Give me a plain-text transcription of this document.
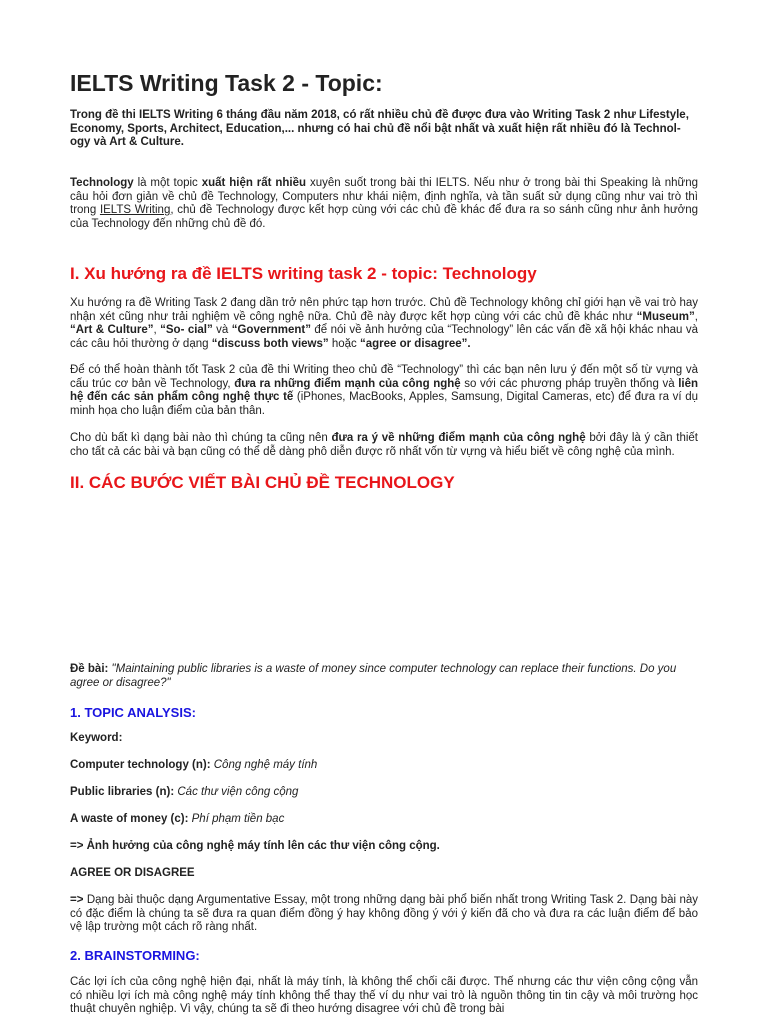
IELTS Writing Task 2 - Topic:

Trong đề thi IELTS Writing 6 tháng đầu năm 2018, có rất nhiều chủ đề được đưa vào Writing Task 2 như Lifestyle, Economy, Sports, Architect, Education,... nhưng có hai chủ đề nổi bật nhất và xuất hiện rất nhiều đó là Technol- ogy và Art & Culture.

Technology là một topic xuất hiện rất nhiều xuyên suốt trong bài thi IELTS. Nếu như ở trong bài thi Speaking là những câu hỏi đơn giản về chủ đề Technology, Computers như khái niệm, định nghĩa, và tần suất sử dụng cũng như vai trò thì trong IELTS Writing, chủ đề Technology được kết hợp cùng với các chủ đề khác để đưa ra so sánh cũng như ảnh hưởng của Technology đến những chủ đề đó.

I. Xu hướng ra đề IELTS writing task 2 - topic: Technology

Xu hướng ra đề Writing Task 2 đang dần trở nên phức tạp hơn trước. Chủ đề Technology không chỉ giới hạn về vai trò hay nhận xét cũng như trải nghiệm về công nghệ nữa. Chủ đề này được kết hợp cùng với các chủ đề khác như “Museum”, “Art & Culture”, “So- cial” và “Government” để nói về ảnh hưởng của “Technology” lên các vấn đề xã hội khác nhau và các câu hỏi thường ở dạng “discuss both views” hoặc “agree or disagree”.

Để có thể hoàn thành tốt Task 2 của đề thi Writing theo chủ đề “Technology” thì các bạn nên lưu ý đến một số từ vựng và cấu trúc cơ bản về Technology, đưa ra những điểm mạnh của công nghệ so với các phương pháp truyền thống và liên hệ đến các sản phẩm công nghệ thực tế (iPhones, MacBooks, Apples, Samsung, Digital Cameras, etc) để đưa ra ví dụ minh họa cho luận điểm của bản thân.

Cho dù bất kì dạng bài nào thì chúng ta cũng nên đưa ra ý về những điểm mạnh của công nghệ bởi đây là ý cần thiết cho tất cả các bài và bạn cũng có thể dễ dàng phô diễn được rõ nhất vốn từ vựng và hiểu biết về công nghệ của mình.

II. CÁC BƯỚC VIẾT BÀI CHỦ ĐỀ TECHNOLOGY

Đề bài: "Maintaining public libraries is a waste of money since computer technology can replace their functions. Do you agree or disagree?"

1. TOPIC ANALYSIS:

Keyword:

Computer technology (n): Công nghệ máy tính

Public libraries (n): Các thư viện công cộng

A waste of money (c): Phí phạm tiền bạc

=> Ảnh hưởng của công nghệ máy tính lên các thư viện công cộng.

AGREE OR DISAGREE

=> Dạng bài thuộc dạng Argumentative Essay, một trong những dạng bài phổ biến nhất trong Writing Task 2. Dạng bài này có đặc điểm là chúng ta sẽ đưa ra quan điểm đồng ý hay không đồng ý với ý kiến đã cho và đưa ra các luận điểm để bảo vệ lập trường một cách rõ ràng nhất.

2. BRAINSTORMING:

Các lợi ích của công nghệ hiện đại, nhất là máy tính, là không thể chối cãi được. Thế nhưng các thư viện công cộng vẫn có nhiều lợi ích mà công nghệ máy tính không thể thay thế ví dụ như vai trò là nguồn thông tin tin cậy và môi trường học thuật chuyên nghiệp. Vì vậy, chúng ta sẽ đi theo hướng disagree với chủ đề trong bài
